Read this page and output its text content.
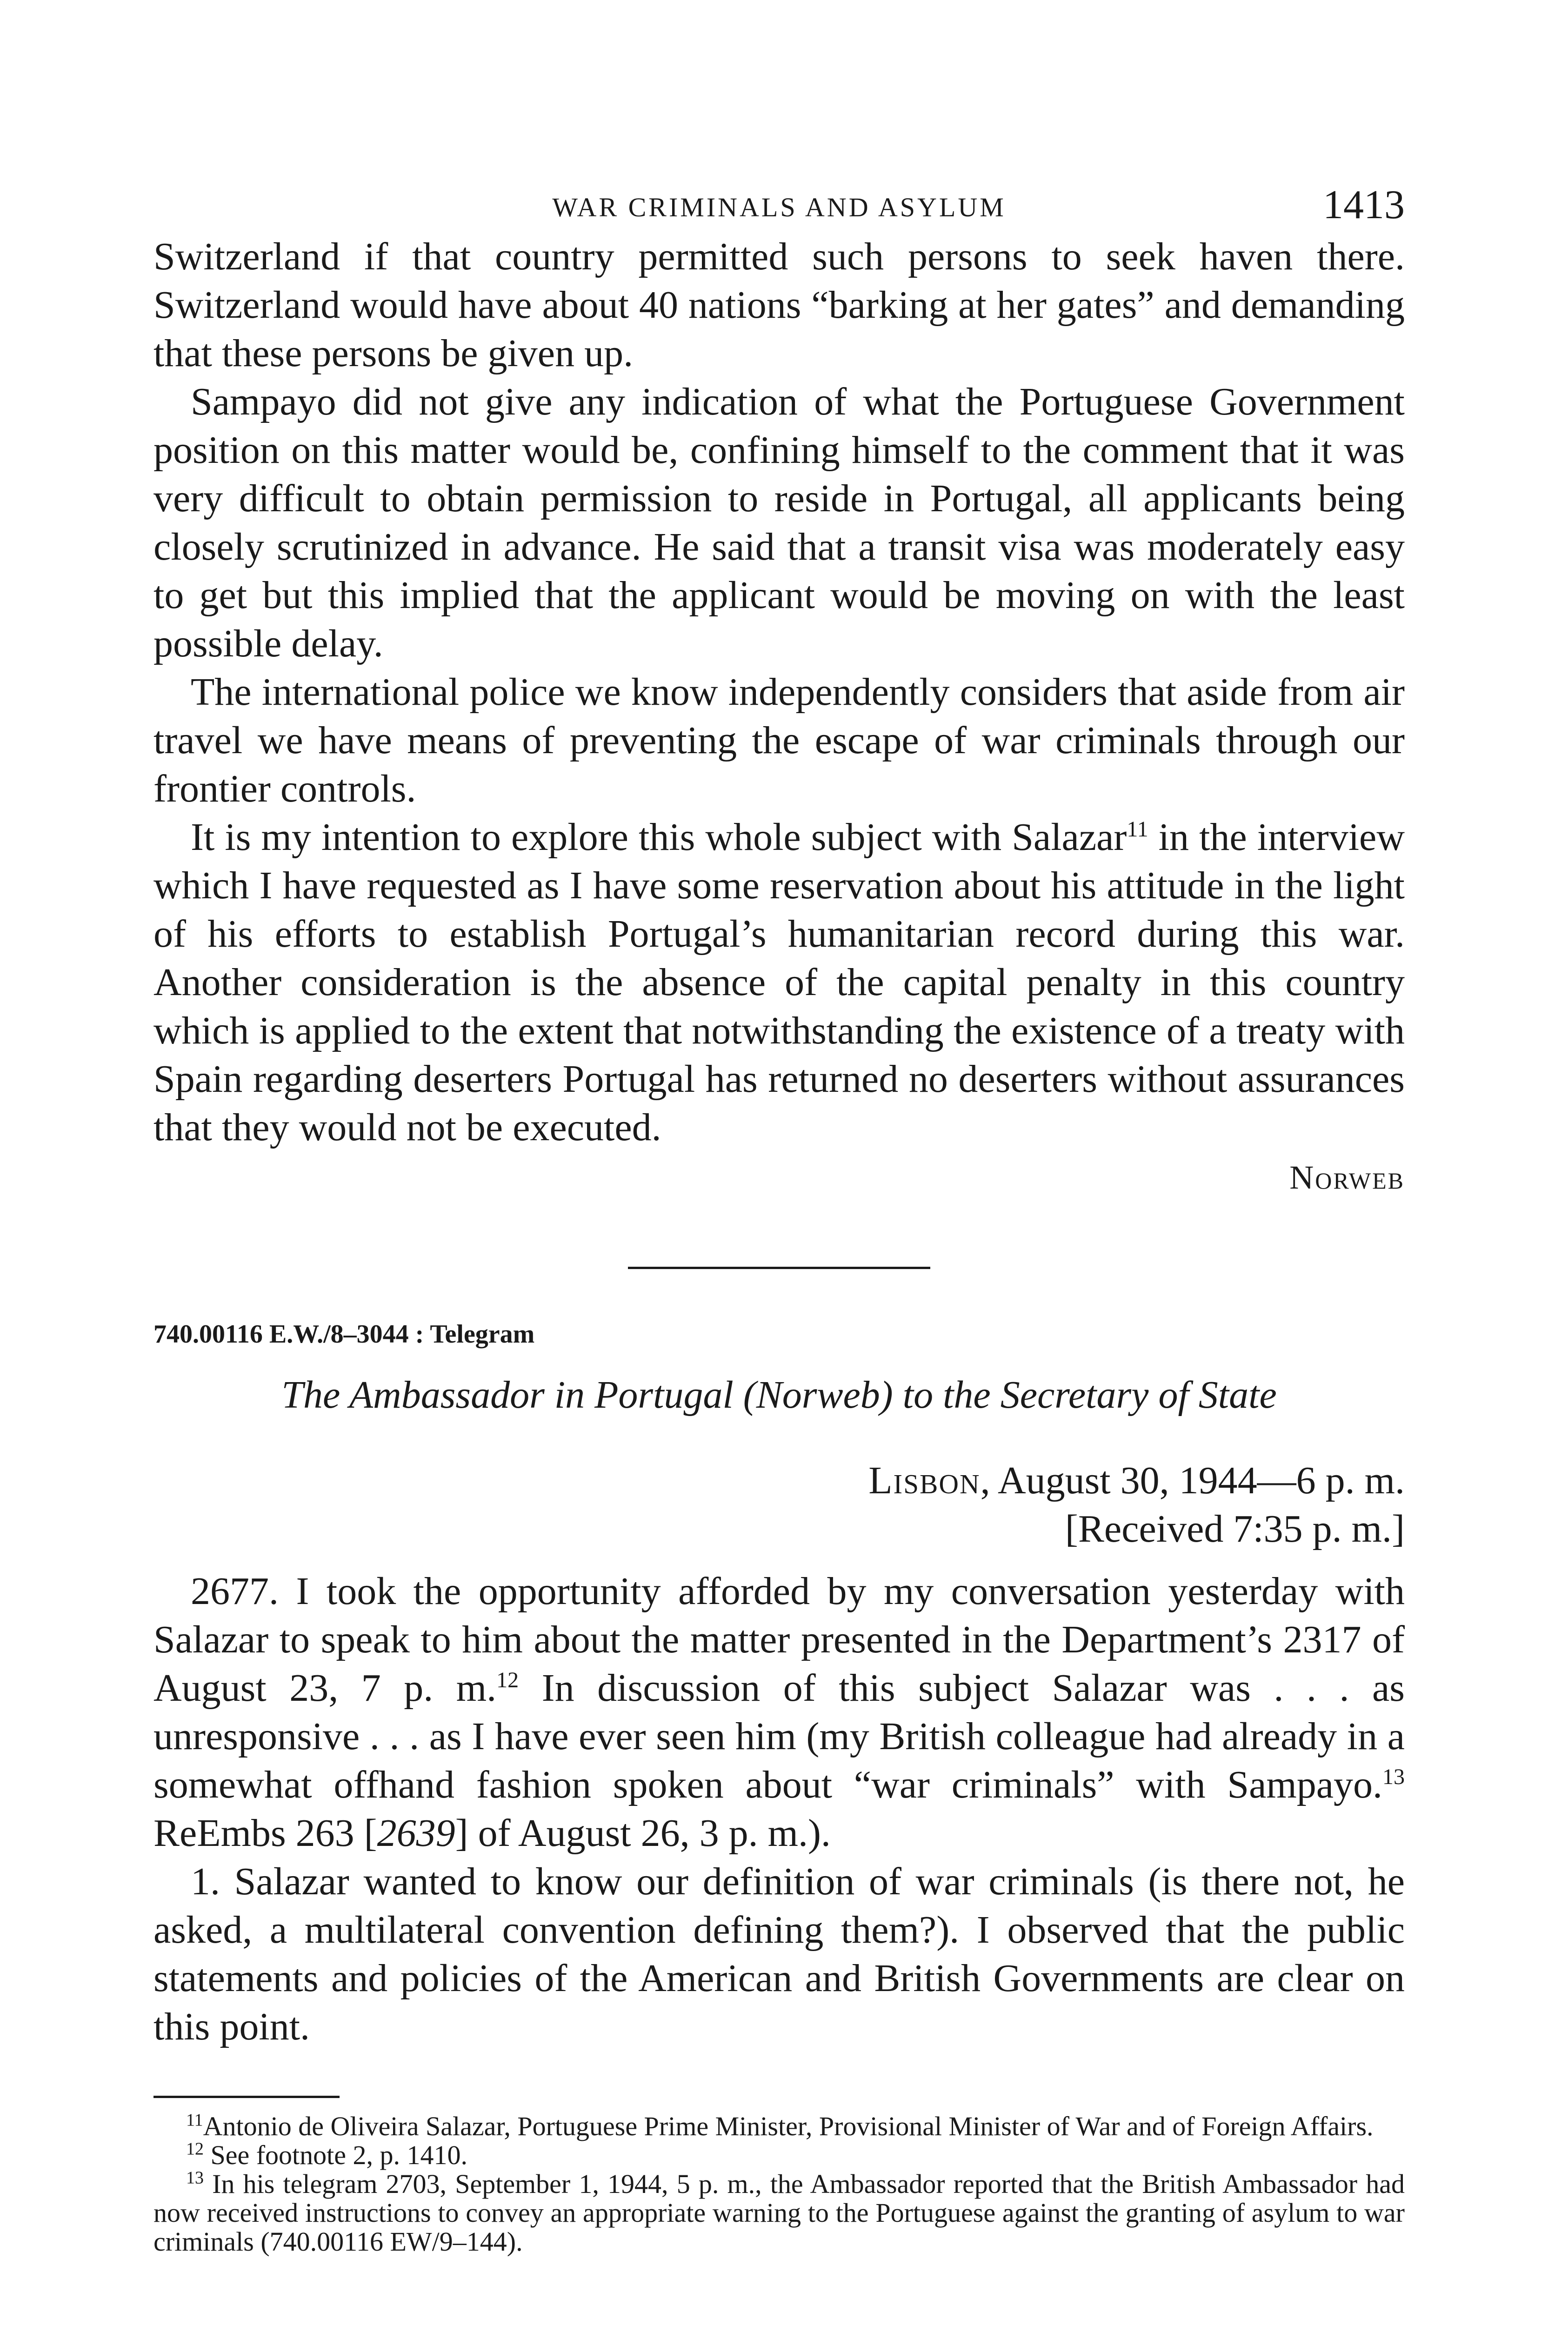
WAR CRIMINALS AND ASYLUM	1413

Switzerland if that country permitted such persons to seek haven there. Switzerland would have about 40 nations “barking at her gates” and demanding that these persons be given up.

Sampayo did not give any indication of what the Portuguese Government position on this matter would be, confining himself to the comment that it was very difficult to obtain permission to reside in Portugal, all applicants being closely scrutinized in advance. He said that a transit visa was moderately easy to get but this implied that the applicant would be moving on with the least possible delay.

The international police we know independently considers that aside from air travel we have means of preventing the escape of war criminals through our frontier controls.

It is my intention to explore this whole subject with Salazar$^{11}$ in the interview which I have requested as I have some reservation about his attitude in the light of his efforts to establish Portugal’s humanitarian record during this war. Another consideration is the absence of the capital penalty in this country which is applied to the extent that notwithstanding the existence of a treaty with Spain regarding deserters Portugal has returned no deserters without assurances that they would not be executed.

Norweb
740.00116 E.W./8–3044 : Telegram
The Ambassador in Portugal (Norweb) to the Secretary of State
Lisbon, August 30, 1944—6 p. m.
[Received 7:35 p. m.]

2677. I took the opportunity afforded by my conversation yesterday with Salazar to speak to him about the matter presented in the Department’s 2317 of August 23, 7 p. m.$^{12}$ In discussion of this subject Salazar was . . . as unresponsive . . . as I have ever seen him (my British colleague had already in a somewhat offhand fashion spoken about “war criminals” with Sampayo.$^{13}$ ReEmbs 263 [2639] of August 26, 3 p. m.).

1. Salazar wanted to know our definition of war criminals (is there not, he asked, a multilateral convention defining them?). I observed that the public statements and policies of the American and British Governments are clear on this point.

$^{11}$Antonio de Oliveira Salazar, Portuguese Prime Minister, Provisional Minister of War and of Foreign Affairs.

$^{12}$ See footnote 2, p. 1410.

$^{13}$ In his telegram 2703, September 1, 1944, 5 p. m., the Ambassador reported that the British Ambassador had now received instructions to convey an appropriate warning to the Portuguese against the granting of asylum to war criminals (740.00116 EW/9–144).
